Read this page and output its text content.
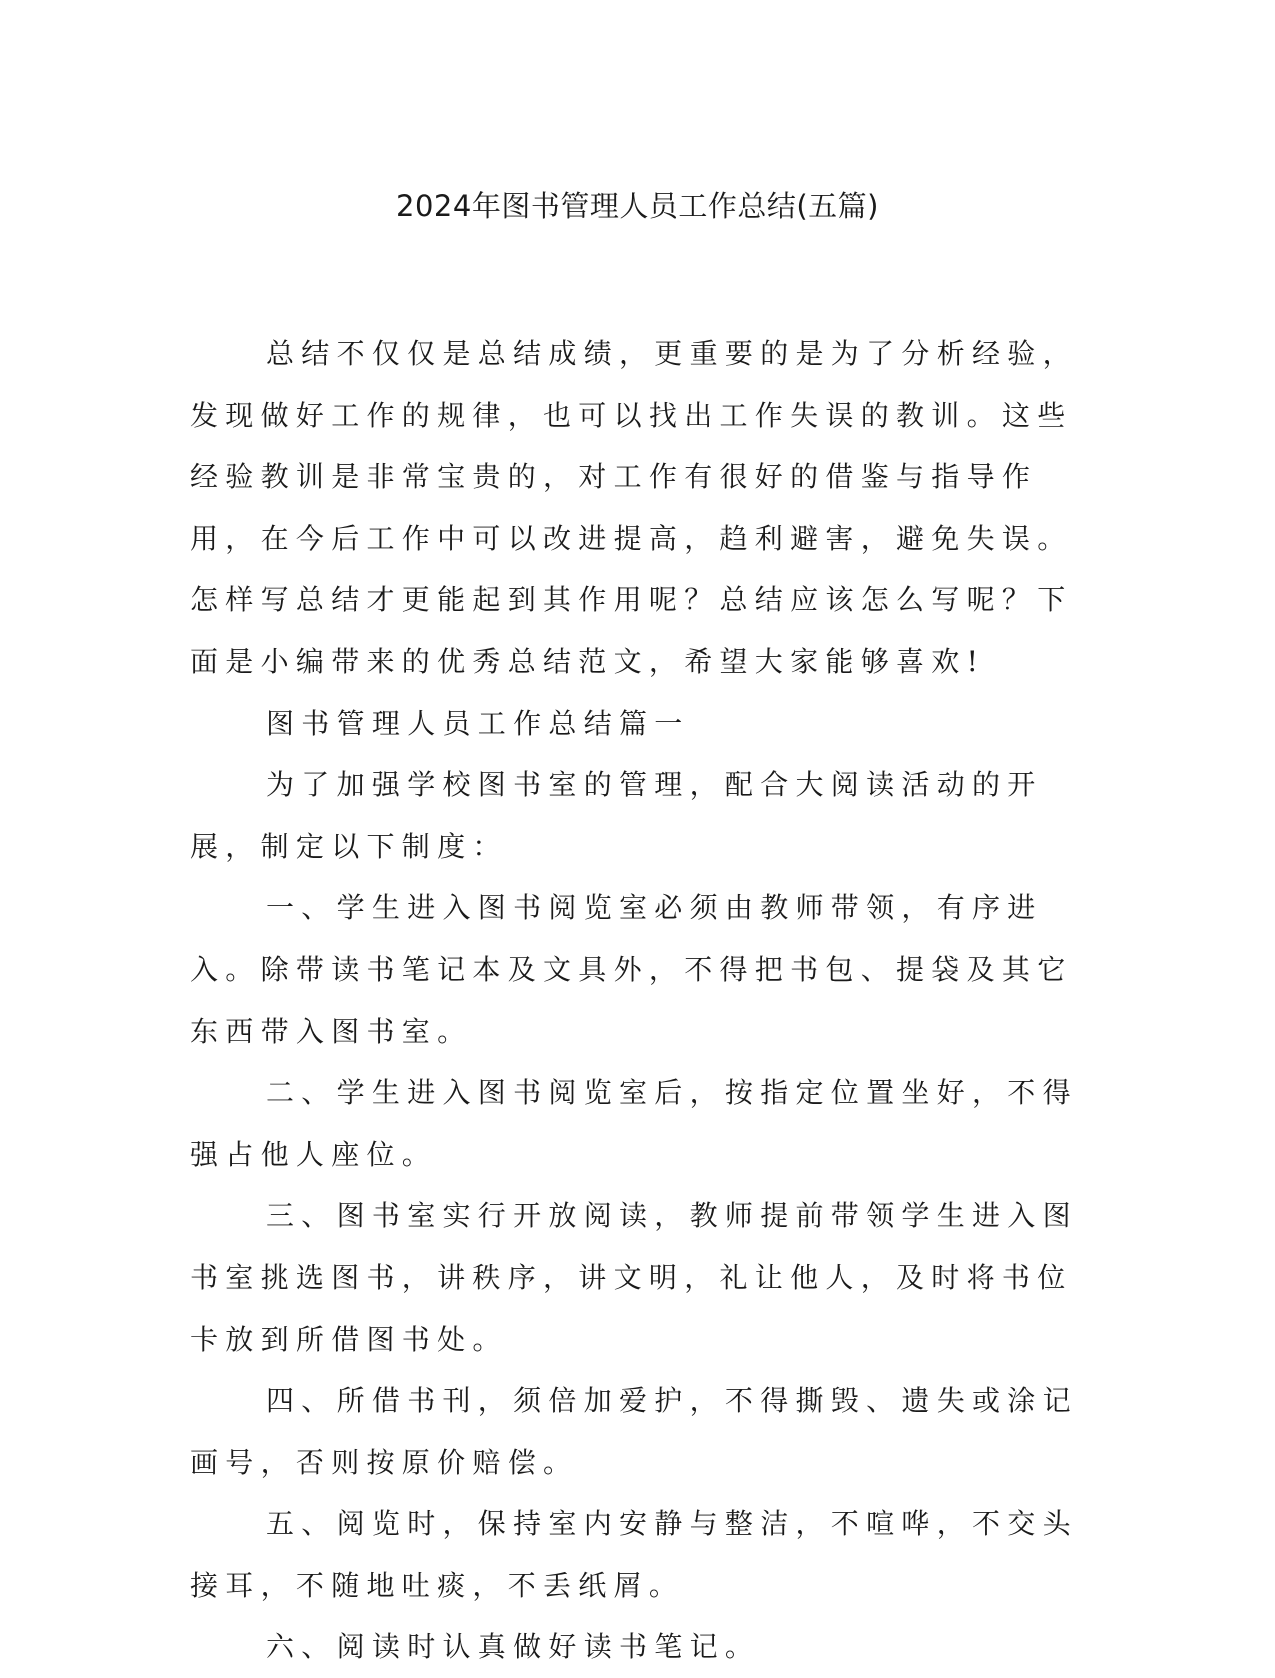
2024年图书管理人员工作总结(五篇)

总结不仅仅是总结成绩，更重要的是为了分析经验，发现做好工作的规律，也可以找出工作失误的教训。这些经验教训是非常宝贵的，对工作有很好的借鉴与指导作用，在今后工作中可以改进提高，趋利避害，避免失误。怎样写总结才更能起到其作用呢？总结应该怎么写呢？下面是小编带来的优秀总结范文，希望大家能够喜欢!

图书管理人员工作总结篇一

为了加强学校图书室的管理，配合大阅读活动的开展，制定以下制度：

一、学生进入图书阅览室必须由教师带领，有序进入。除带读书笔记本及文具外，不得把书包、提袋及其它东西带入图书室。

二、学生进入图书阅览室后，按指定位置坐好，不得强占他人座位。

三、图书室实行开放阅读，教师提前带领学生进入图书室挑选图书，讲秩序，讲文明，礼让他人，及时将书位卡放到所借图书处。

四、所借书刊，须倍加爱护，不得撕毁、遗失或涂记画号，否则按原价赔偿。

五、阅览时，保持室内安静与整洁，不喧哗，不交头接耳，不随地吐痰，不丢纸屑。

六、阅读时认真做好读书笔记。
